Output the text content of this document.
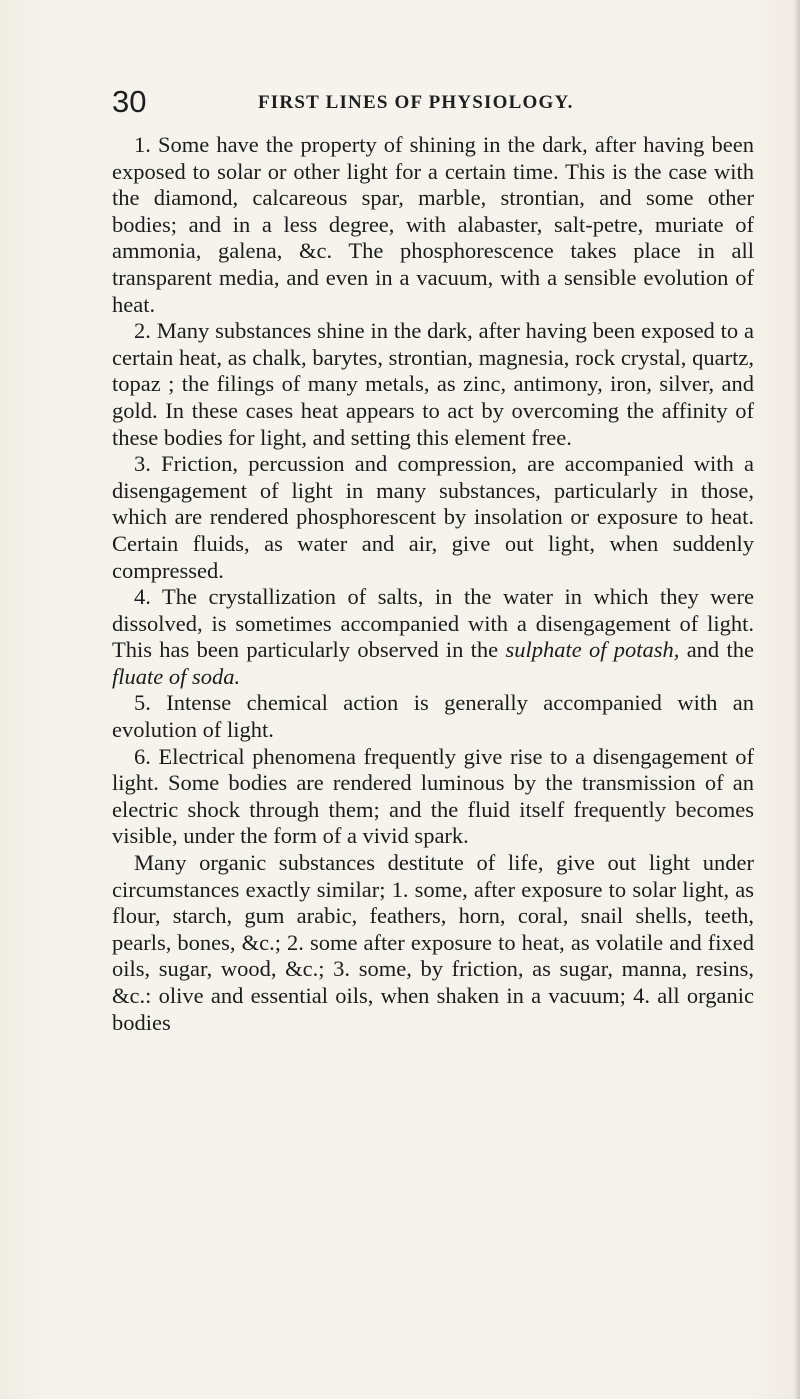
30	FIRST LINES OF PHYSIOLOGY.

1. Some have the property of shining in the dark, after having been exposed to solar or other light for a certain time. This is the case with the diamond, calcareous spar, marble, strontian, and some other bodies; and in a less degree, with alabaster, salt-petre, muriate of ammonia, galena, &c. The phosphorescence takes place in all transparent media, and even in a vacuum, with a sensible evolution of heat.

2. Many substances shine in the dark, after having been exposed to a certain heat, as chalk, barytes, strontian, magnesia, rock crystal, quartz, topaz ; the filings of many metals, as zinc, antimony, iron, silver, and gold. In these cases heat appears to act by overcoming the affinity of these bodies for light, and setting this element free.

3. Friction, percussion and compression, are accompanied with a disengagement of light in many substances, particularly in those, which are rendered phosphorescent by insolation or exposure to heat. Certain fluids, as water and air, give out light, when suddenly compressed.

4. The crystallization of salts, in the water in which they were dissolved, is sometimes accompanied with a disengagement of light. This has been particularly observed in the sulphate of potash, and the fluate of soda.

5. Intense chemical action is generally accompanied with an evolution of light.

6. Electrical phenomena frequently give rise to a disengagement of light. Some bodies are rendered luminous by the transmission of an electric shock through them; and the fluid itself frequently becomes visible, under the form of a vivid spark.

Many organic substances destitute of life, give out light under circumstances exactly similar; 1. some, after exposure to solar light, as flour, starch, gum arabic, feathers, horn, coral, snail shells, teeth, pearls, bones, &c.; 2. some after exposure to heat, as volatile and fixed oils, sugar, wood, &c.; 3. some, by friction, as sugar, manna, resins, &c.: olive and essential oils, when shaken in a vacuum; 4. all organic bodies
